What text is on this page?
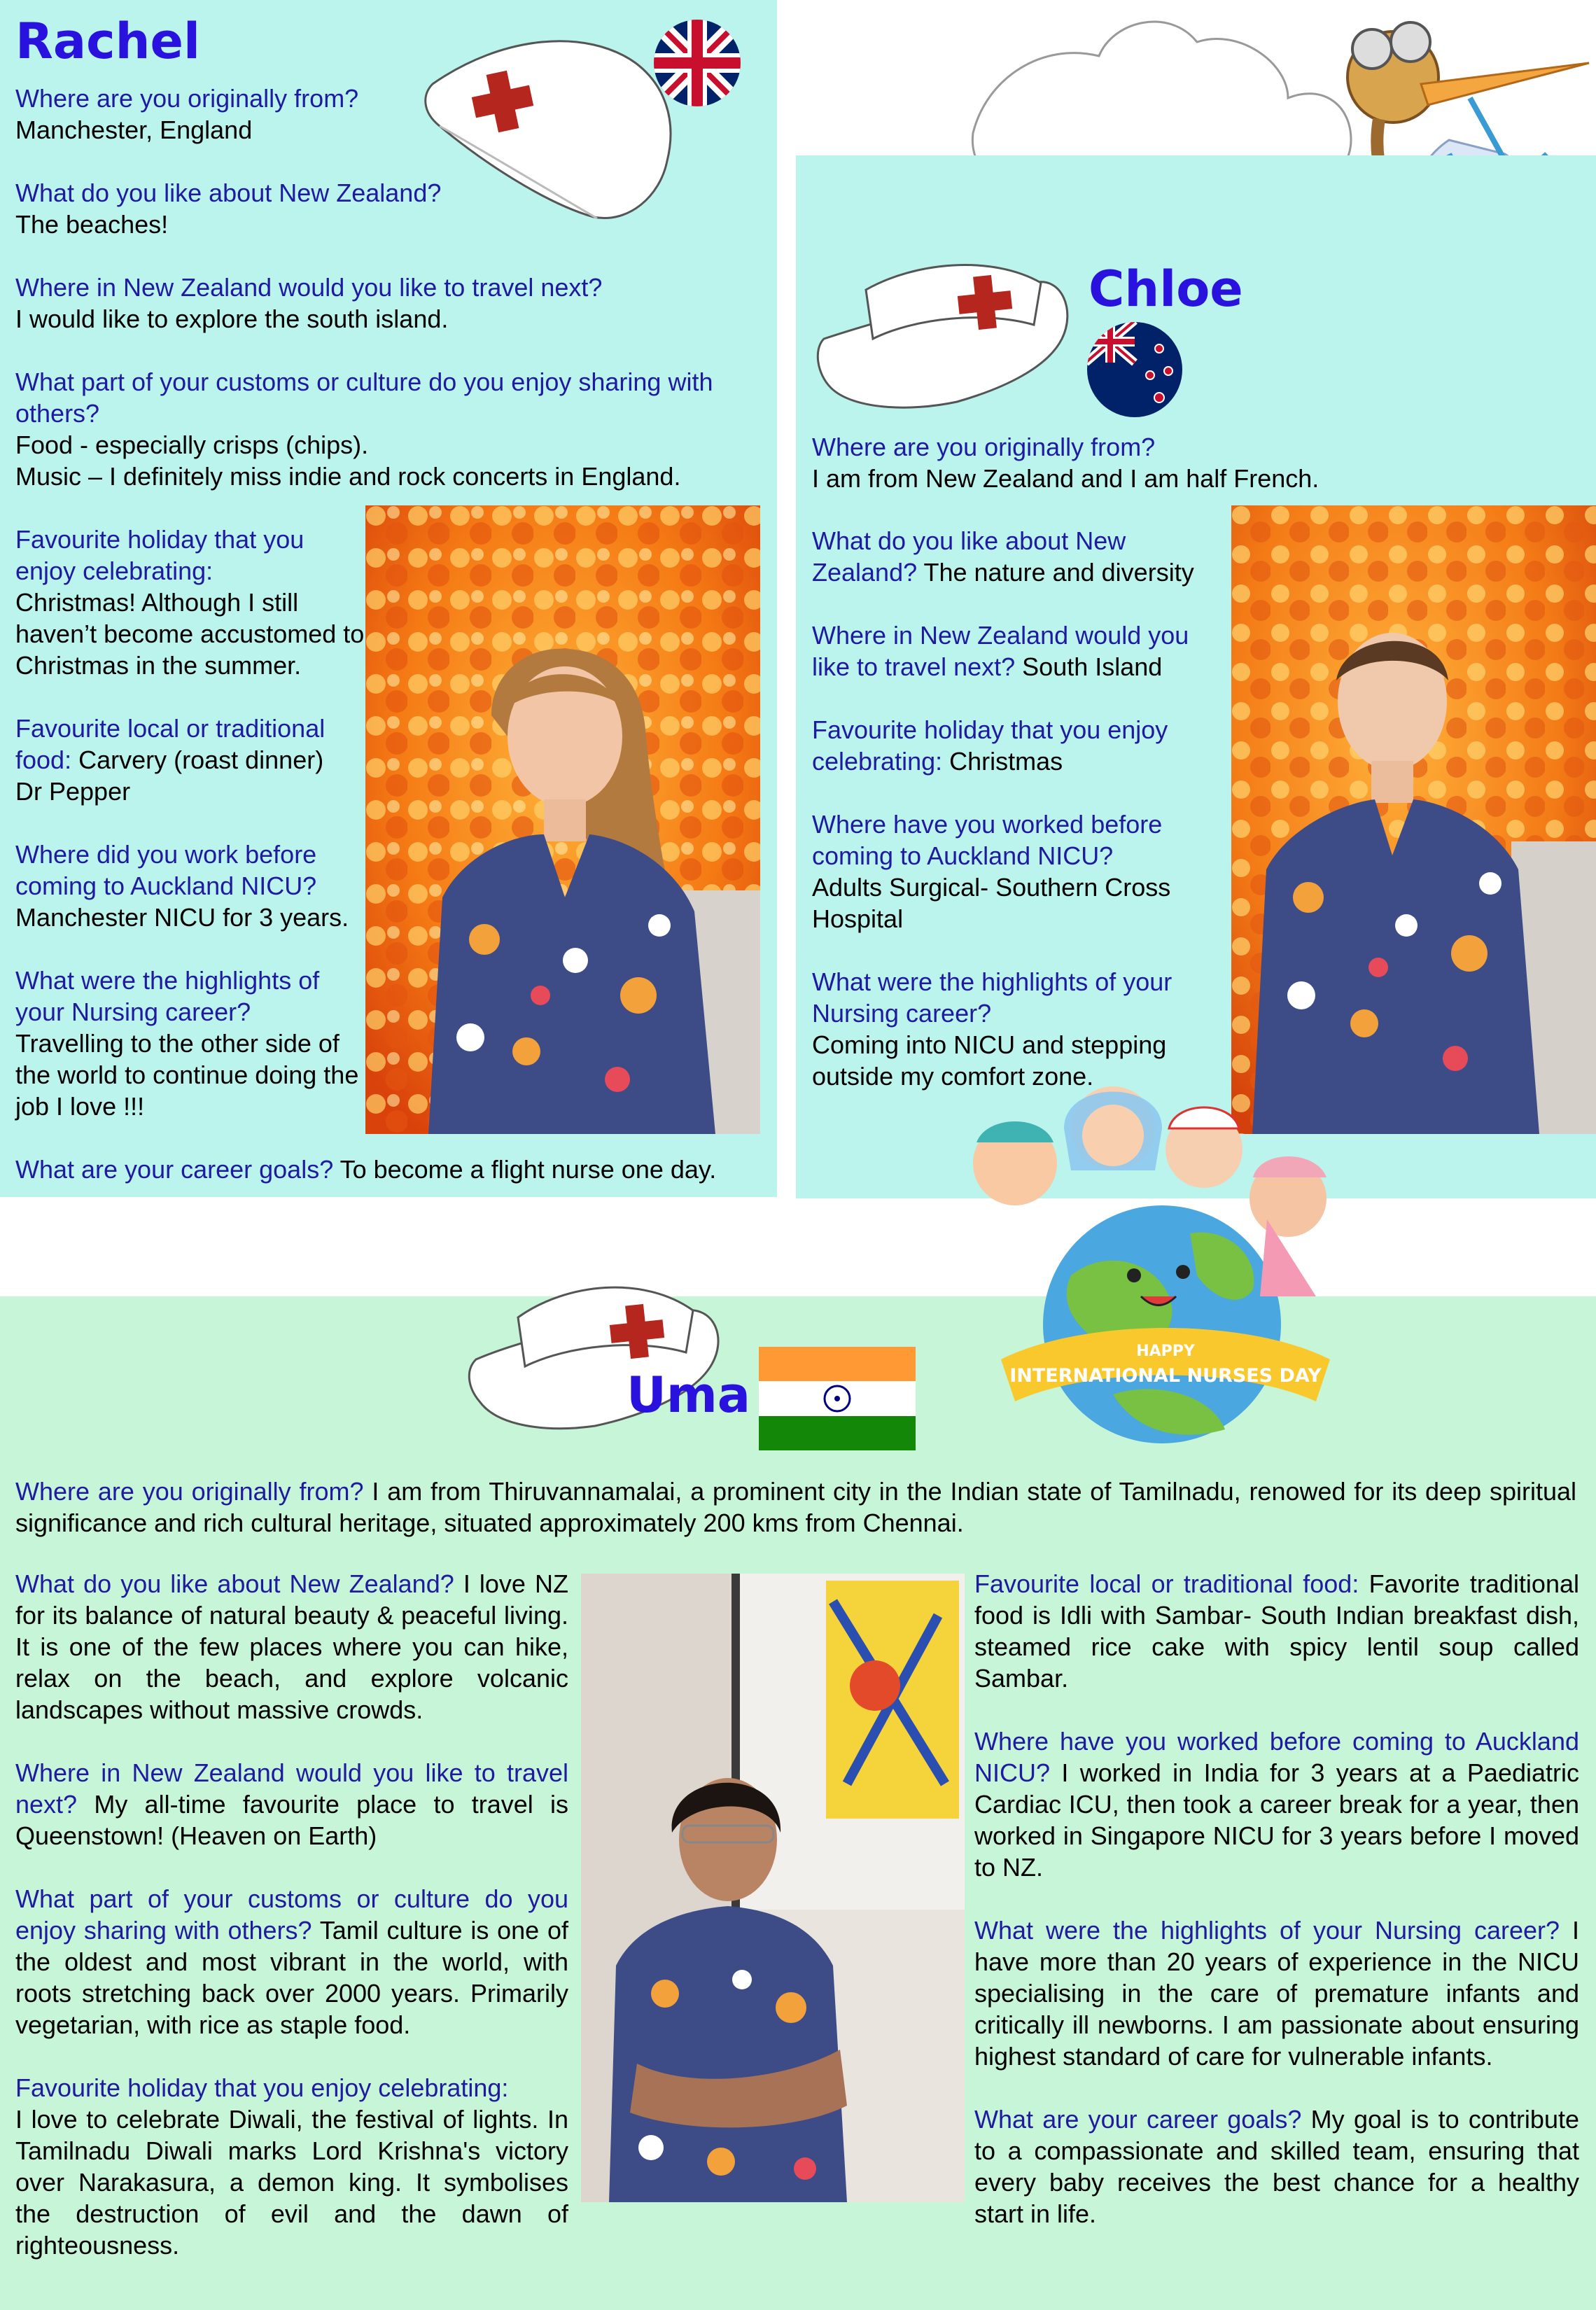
Rachel

Where are you originally from?
Manchester, England

What do you like about New Zealand?
The beaches!

Where in New Zealand would you like to travel next?
I would like to explore the south island.

What part of your customs or culture do you enjoy sharing with others?
Food - especially crisps (chips).
Music – I definitely miss indie and rock concerts in England.

Favourite holiday that you enjoy celebrating:
Christmas! Although I still haven’t become accustomed to Christmas in the summer.

Favourite local or traditional food: Carvery (roast dinner)
Dr Pepper

Where did you work before coming to Auckland NICU?
Manchester NICU for 3 years.

What were the highlights of your Nursing career?
Travelling to the other side of the world to continue doing the job I love !!!

What are your career goals? To become a flight nurse one day.
Chloe
Where are you originally from?
I am from New Zealand and I am half French.

What do you like about New Zealand? The nature and diversity

Where in New Zealand would you like to travel next? South Island

Favourite holiday that you enjoy celebrating: Christmas

Where have you worked before coming to Auckland NICU?
Adults Surgical- Southern Cross Hospital

What were the highlights of your Nursing career?
Coming into NICU and stepping outside my comfort zone.

Uma
HAPPY
INTERNATIONAL NURSES DAY
Where are you originally from? I am from Thiruvannamalai, a prominent city in the Indian state of Tamilnadu, renowed for its deep spiritual significance and rich cultural heritage, situated approximately 200 kms from Chennai.

What do you like about New Zealand? I love NZ for its balance of natural beauty & peaceful living. It is one of the few places where you can hike, relax on the beach, and explore volcanic landscapes without massive crowds.

Where in New Zealand would you like to travel next? My all-time favourite place to travel is Queenstown! (Heaven on Earth)

What part of your customs or culture do you enjoy sharing with others? Tamil culture is one of the oldest and most vibrant in the world, with roots stretching back over 2000 years. Primarily vegetarian, with rice as staple food.

Favourite holiday that you enjoy celebrating:
I love to celebrate Diwali, the festival of lights. In Tamilnadu Diwali marks Lord Krishna's victory over Narakasura, a demon king. It symbolises the destruction of evil and the dawn of righteousness.

Favourite local or traditional food: Favorite traditional food is Idli with Sambar- South Indian breakfast dish, steamed rice cake with spicy lentil soup called Sambar.

Where have you worked before coming to Auckland NICU? I worked in India for 3 years at a Paediatric Cardiac ICU, then took a career break for a year, then worked in Singapore NICU for 3 years before I moved to NZ.

What were the highlights of your Nursing career? I have more than 20 years of experience in the NICU specialising in the care of premature infants and critically ill newborns. I am passionate about ensuring highest standard of care for vulnerable infants.

What are your career goals? My goal is to contribute to a compassionate and skilled team, ensuring that every baby receives the best chance for a healthy start in life.
